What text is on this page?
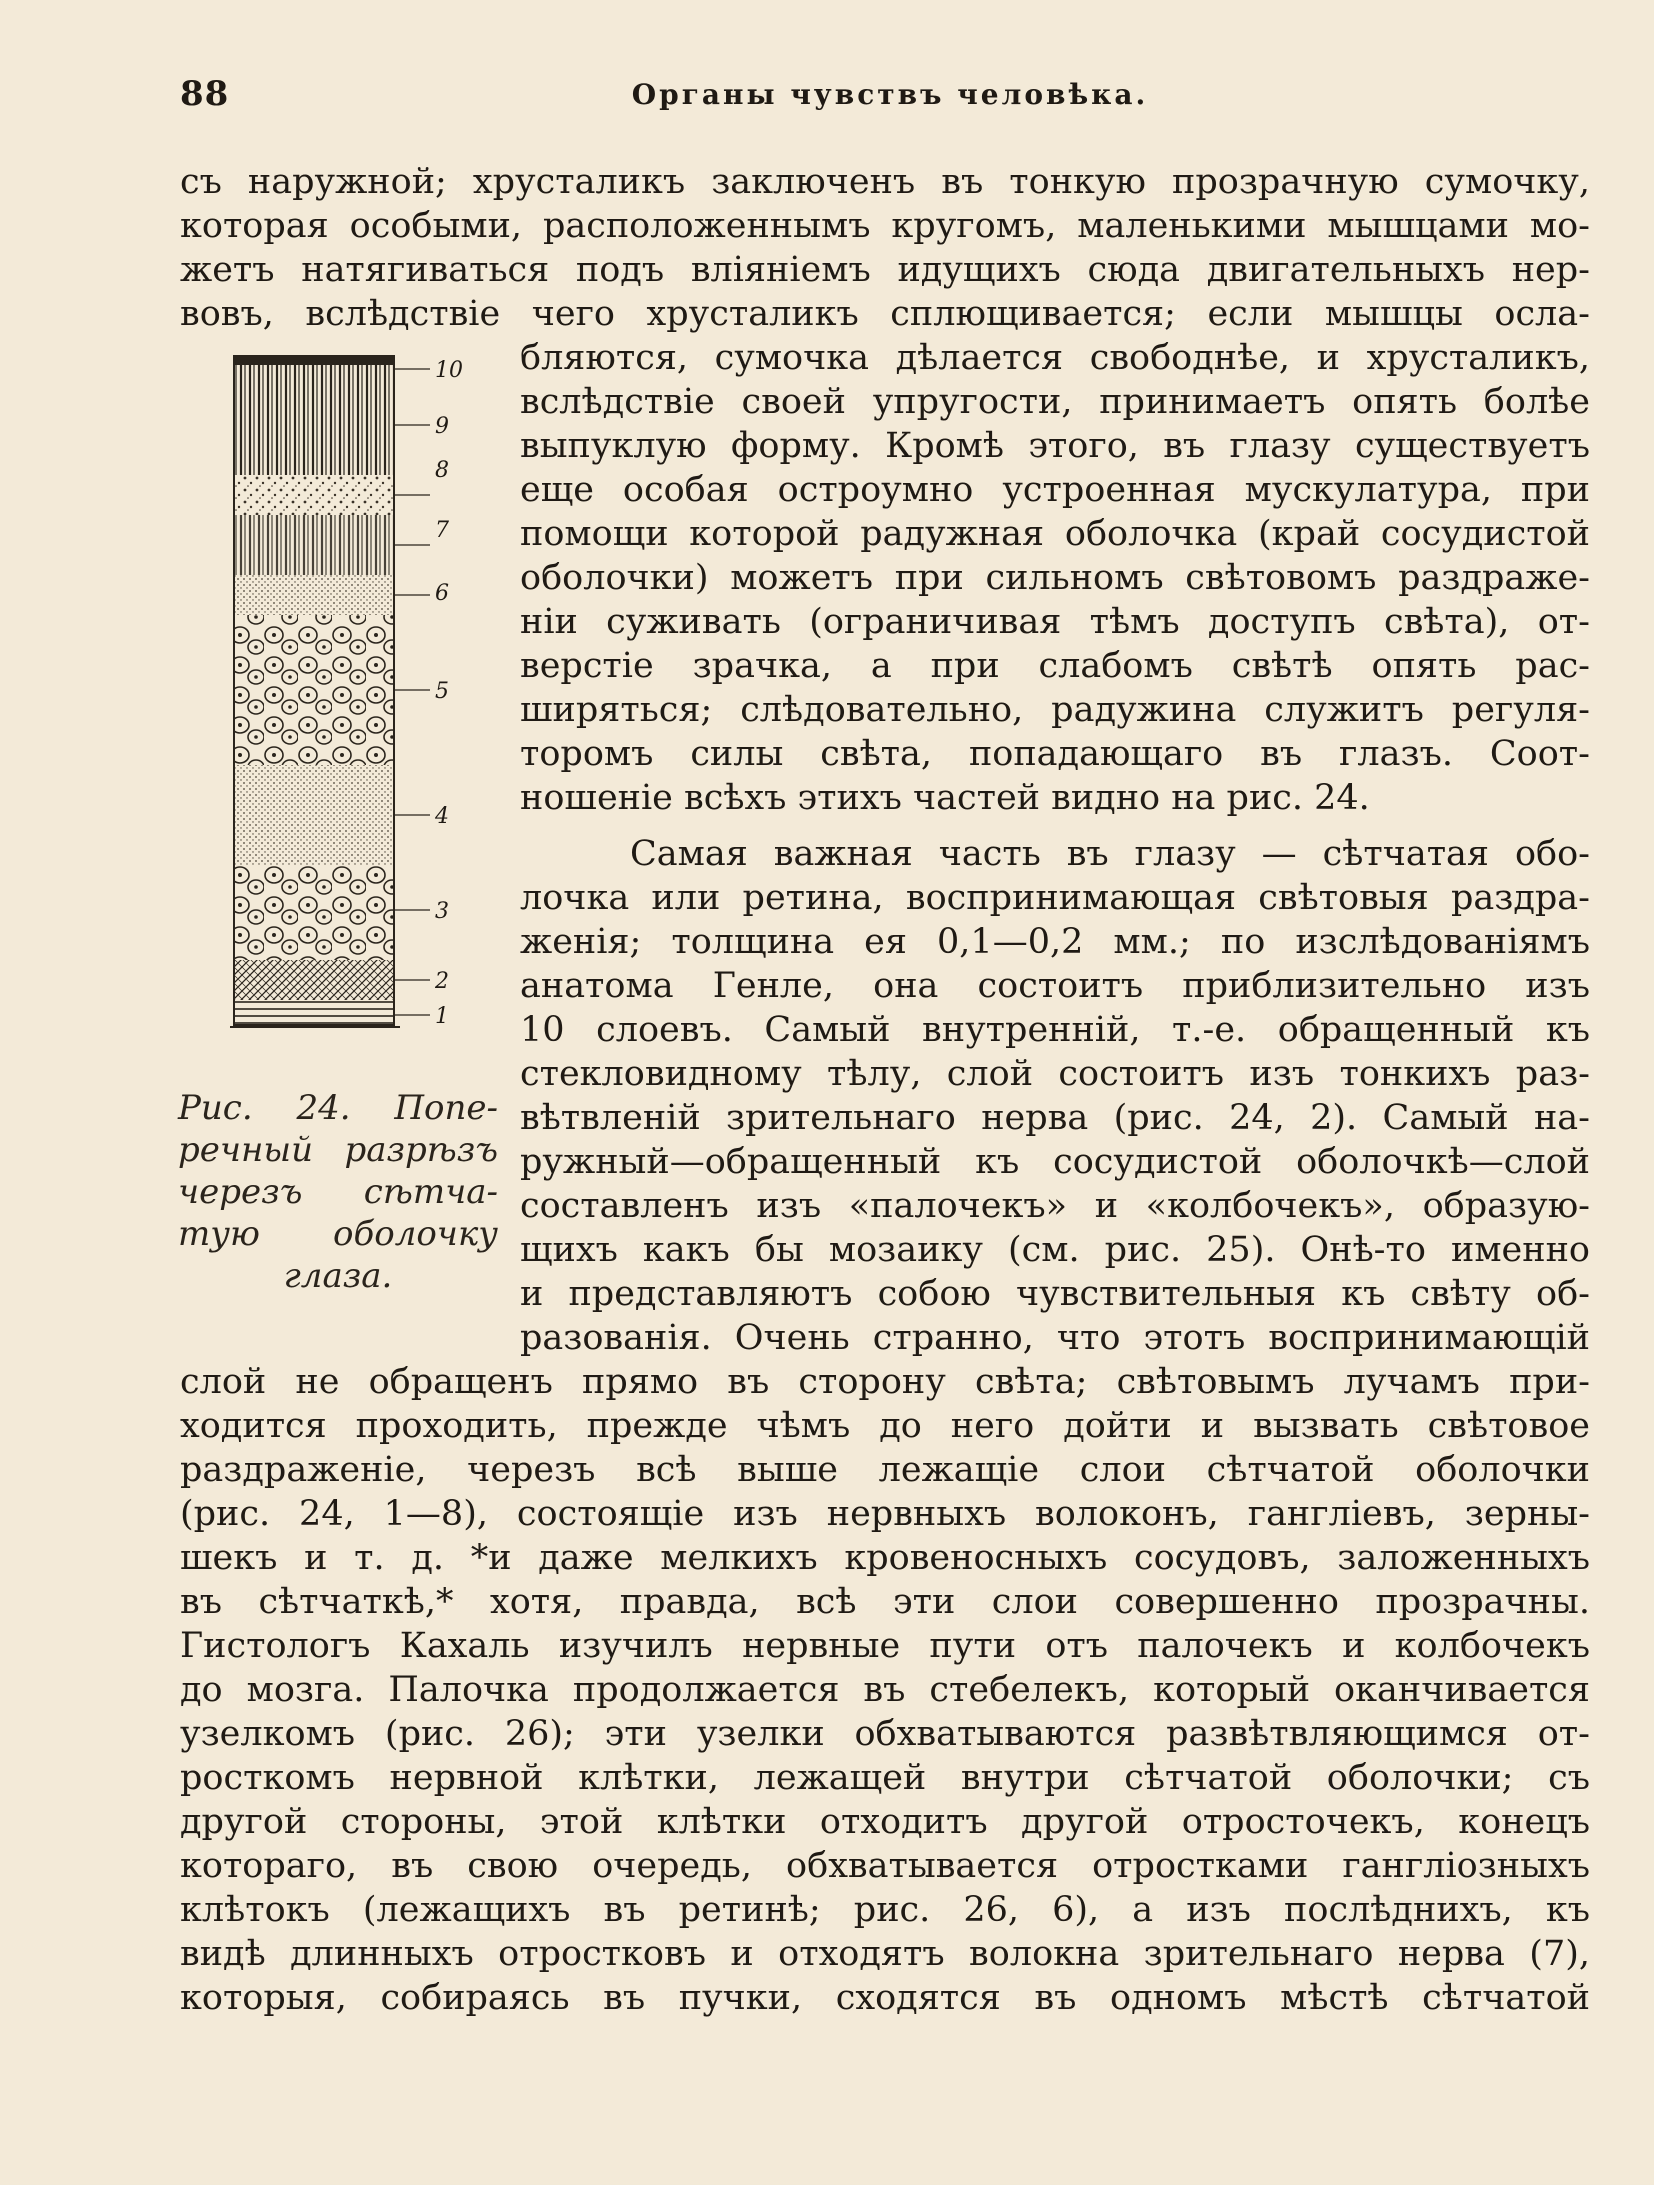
88	Органы чувствъ человѣка.
10
9
8
7
6
5
4
3
2
1

Рис. 24. Попе-

речный разрѣзъ

черезъ сѣтча-

тую оболочку

глаза.

съ наружной; хрусталикъ заключенъ въ тонкую прозрачную сумочку,

которая особыми, расположеннымъ кругомъ, маленькими мышцами мо-

жетъ натягиваться подъ вліяніемъ идущихъ сюда двигательныхъ нер-

вовъ, вслѣдствіе чего хрусталикъ сплющивается; если мышцы осла-

бляются, сумочка дѣлается свободнѣе, и хрусталикъ,

вслѣдствіе своей упругости, принимаетъ опять болѣе

выпуклую форму. Кромѣ этого, въ глазу существуетъ

еще особая остроумно устроенная мускулатура, при

помощи которой радужная оболочка (край сосудистой

оболочки) можетъ при сильномъ свѣтовомъ раздраже-

ніи суживать (ограничивая тѣмъ доступъ свѣта), от-

верстіе зрачка, а при слабомъ свѣтѣ опять рас-

ширяться; слѣдовательно, радужина служитъ регуля-

торомъ силы свѣта, попадающаго въ глазъ. Соот-

ношеніе всѣхъ этихъ частей видно на рис. 24.

Самая важная часть въ глазу — сѣтчатая обо-

лочка или ретина, воспринимающая свѣтовыя раздра-

женія; толщина ея 0,1—0,2 мм.; по изслѣдованіямъ

анатома Генле, она состоитъ приблизительно изъ

10 слоевъ. Самый внутренній, т.-е. обращенный къ

стекловидному тѣлу, слой состоитъ изъ тонкихъ раз-

вѣтвленій зрительнаго нерва (рис. 24, 2). Самый на-

ружный—обращенный къ сосудистой оболочкѣ—слой

составленъ изъ «палочекъ» и «колбочекъ», образую-

щихъ какъ бы мозаику (см. рис. 25). Онѣ-то именно

и представляютъ собою чувствительныя къ свѣту об-

разованія. Очень странно, что этотъ воспринимающій

слой не обращенъ прямо въ сторону свѣта; свѣтовымъ лучамъ при-

ходится проходить, прежде чѣмъ до него дойти и вызвать свѣтовое

раздраженіе, черезъ всѣ выше лежащіе слои сѣтчатой оболочки

(рис. 24, 1—8), состоящіе изъ нервныхъ волоконъ, гангліевъ, зерны-

шекъ и т. д. *и даже мелкихъ кровеносныхъ сосудовъ, заложенныхъ

въ сѣтчаткѣ,* хотя, правда, всѣ эти слои совершенно прозрачны.

Гистологъ Кахаль изучилъ нервные пути отъ палочекъ и колбочекъ

до мозга. Палочка продолжается въ стебелекъ, который оканчивается

узелкомъ (рис. 26); эти узелки обхватываются развѣтвляющимся от-

росткомъ нервной клѣтки, лежащей внутри сѣтчатой оболочки; съ

другой стороны, этой клѣтки отходитъ другой отросточекъ, конецъ

котораго, въ свою очередь, обхватывается отростками гангліозныхъ

клѣтокъ (лежащихъ въ ретинѣ; рис. 26, 6), а изъ послѣднихъ, къ

видѣ длинныхъ отростковъ и отходятъ волокна зрительнаго нерва (7),

которыя, собираясь въ пучки, сходятся въ одномъ мѣстѣ сѣтчатой
